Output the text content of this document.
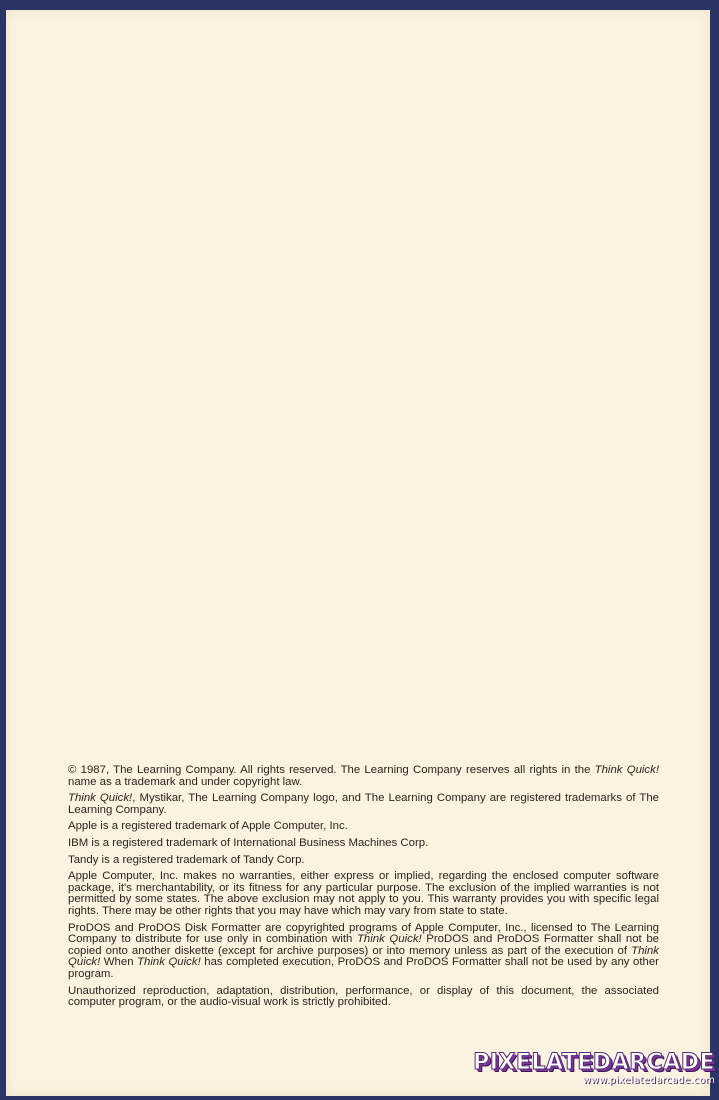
© 1987, The Learning Company. All rights reserved. The Learning Company reserves all rights in the Think Quick! name as a trademark and under copyright law.

Think Quick!, Mystikar, The Learning Company logo, and The Learning Company are registered trademarks of The Learning Company.

Apple is a registered trademark of Apple Computer, Inc.

IBM is a registered trademark of International Business Machines Corp.

Tandy is a registered trademark of Tandy Corp.

Apple Computer, Inc. makes no warranties, either express or implied, regarding the enclosed computer software package, it's merchantability, or its fitness for any particular purpose. The exclusion of the implied warranties is not permitted by some states. The above exclusion may not apply to you. This warranty provides you with specific legal rights. There may be other rights that you may have which may vary from state to state.

ProDOS and ProDOS Disk Formatter are copyrighted programs of Apple Computer, Inc., licensed to The Learning Company to distribute for use only in combination with Think Quick! ProDOS and ProDOS Formatter shall not be copied onto another diskette (except for archive purposes) or into memory unless as part of the execution of Think Quick! When Think Quick! has completed execution, ProDOS and ProDOS Formatter shall not be used by any other program.

Unauthorized reproduction, adaptation, distribution, performance, or display of this document, the associated computer program, or the audio-visual work is strictly prohibited.

PIXELATEDARCADE
www.pixelatedarcade.com
